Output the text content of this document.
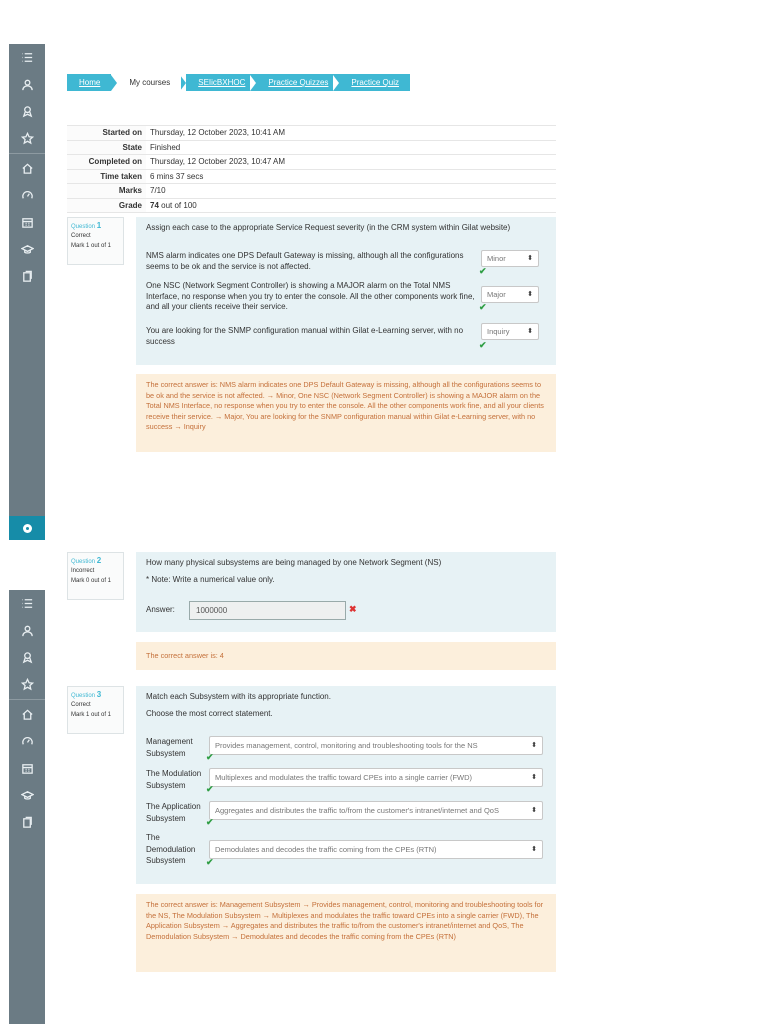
Home	My courses	SEIicBXHOC	Practice Quizzes	Practice Quiz
Started on	Thursday, 12 October 2023, 10:41 AM
State	Finished
Completed on	Thursday, 12 October 2023, 10:47 AM
Time taken	6 mins 37 secs
Marks	7/10
Grade	74 out of 100
Question 1
Correct
Mark 1 out of 1
Assign each case to the appropriate Service Request severity (in the CRM system within Gilat website)
NMS alarm indicates one DPS Default Gateway is missing, although all the configurations seems to be ok and the service is not affected.
Minor	⬍
✔
One NSC (Network Segment Controller) is showing a MAJOR alarm on the Total NMS Interface, no response when you try to enter the console. All the other components work fine, and all your clients receive their service.
Major	⬍
✔
You are looking for the SNMP configuration manual within Gilat e-Learning server, with no success
Inquiry	⬍
✔
The correct answer is: NMS alarm indicates one DPS Default Gateway is missing, although all the configurations seems to be ok and the service is not affected. → Minor, One NSC (Network Segment Controller) is showing a MAJOR alarm on the Total NMS Interface, no response when you try to enter the console. All the other components work fine, and all your clients receive their service. → Major, You are looking for the SNMP configuration manual within Gilat e-Learning server, with no success → Inquiry
Question 2
Incorrect
Mark 0 out of 1
How many physical subsystems are being managed by one Network Segment (NS)
* Note: Write a numerical value only.
Answer:	1000000	✖
The correct answer is: 4
Question 3
Correct
Mark 1 out of 1
Match each Subsystem with its appropriate function.
Choose the most correct statement.
Management Subsystem
Provides management, control, monitoring and troubleshooting tools for the NS	⬍
✔
The Modulation Subsystem
Multiplexes and modulates the traffic toward CPEs into a single carrier (FWD)	⬍
✔
The Application Subsystem
Aggregates and distributes the traffic to/from the customer's intranet/internet and QoS	⬍
✔
The Demodulation Subsystem
Demodulates and decodes the traffic coming from the CPEs (RTN)	⬍
✔
The correct answer is: Management Subsystem → Provides management, control, monitoring and troubleshooting tools for the NS, The Modulation Subsystem → Multiplexes and modulates the traffic toward CPEs into a single carrier (FWD), The Application Subsystem → Aggregates and distributes the traffic to/from the customer's intranet/internet and QoS, The Demodulation Subsystem → Demodulates and decodes the traffic coming from the CPEs (RTN)
